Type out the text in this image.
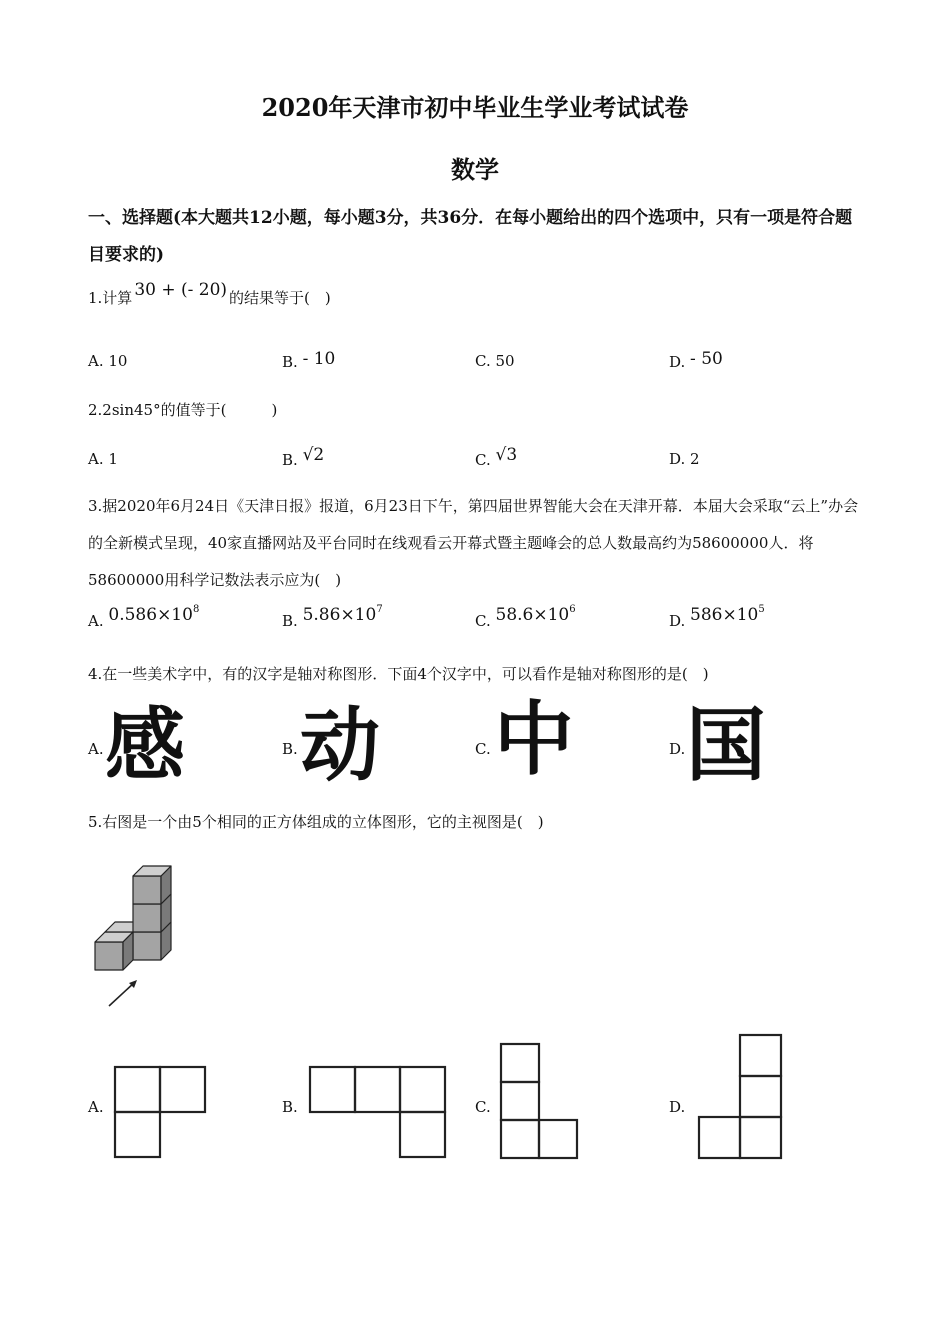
2020年天津市初中毕业生学业考试试卷
数学
一、选择题(本大题共12小题，每小题3分，共36分．在每小题给出的四个选项中，只有一项是符合题目要求的)
1.计算 30 + (- 20) 的结果等于(　)
A. 10	B. - 10	C. 50	D. - 50
2.2sin45°的值等于(　　　)
A. 1	B. √2	C. √3	D. 2
3.据2020年6月24日《天津日报》报道，6月23日下午，第四届世界智能大会在天津开幕．本届大会采取“云上”办会的全新模式呈现，40家直播网站及平台同时在线观看云开幕式暨主题峰会的总人数最高约为58600000人．将58600000用科学记数法表示应为(　)
A. $0.586\times 10^8$
B. $5.86\times 10^7$
C. $58.6\times 10^6$
D. $586\times 10^5$
4.在一些美术字中，有的汉字是轴对称图形．下面4个汉字中，可以看作是轴对称图形的是(　)
A. 感	B. 动	C. 中	D. 国
5.右图是一个由5个相同的正方体组成的立体图形，它的主视图是(　)
A.	B.	C.	D.
